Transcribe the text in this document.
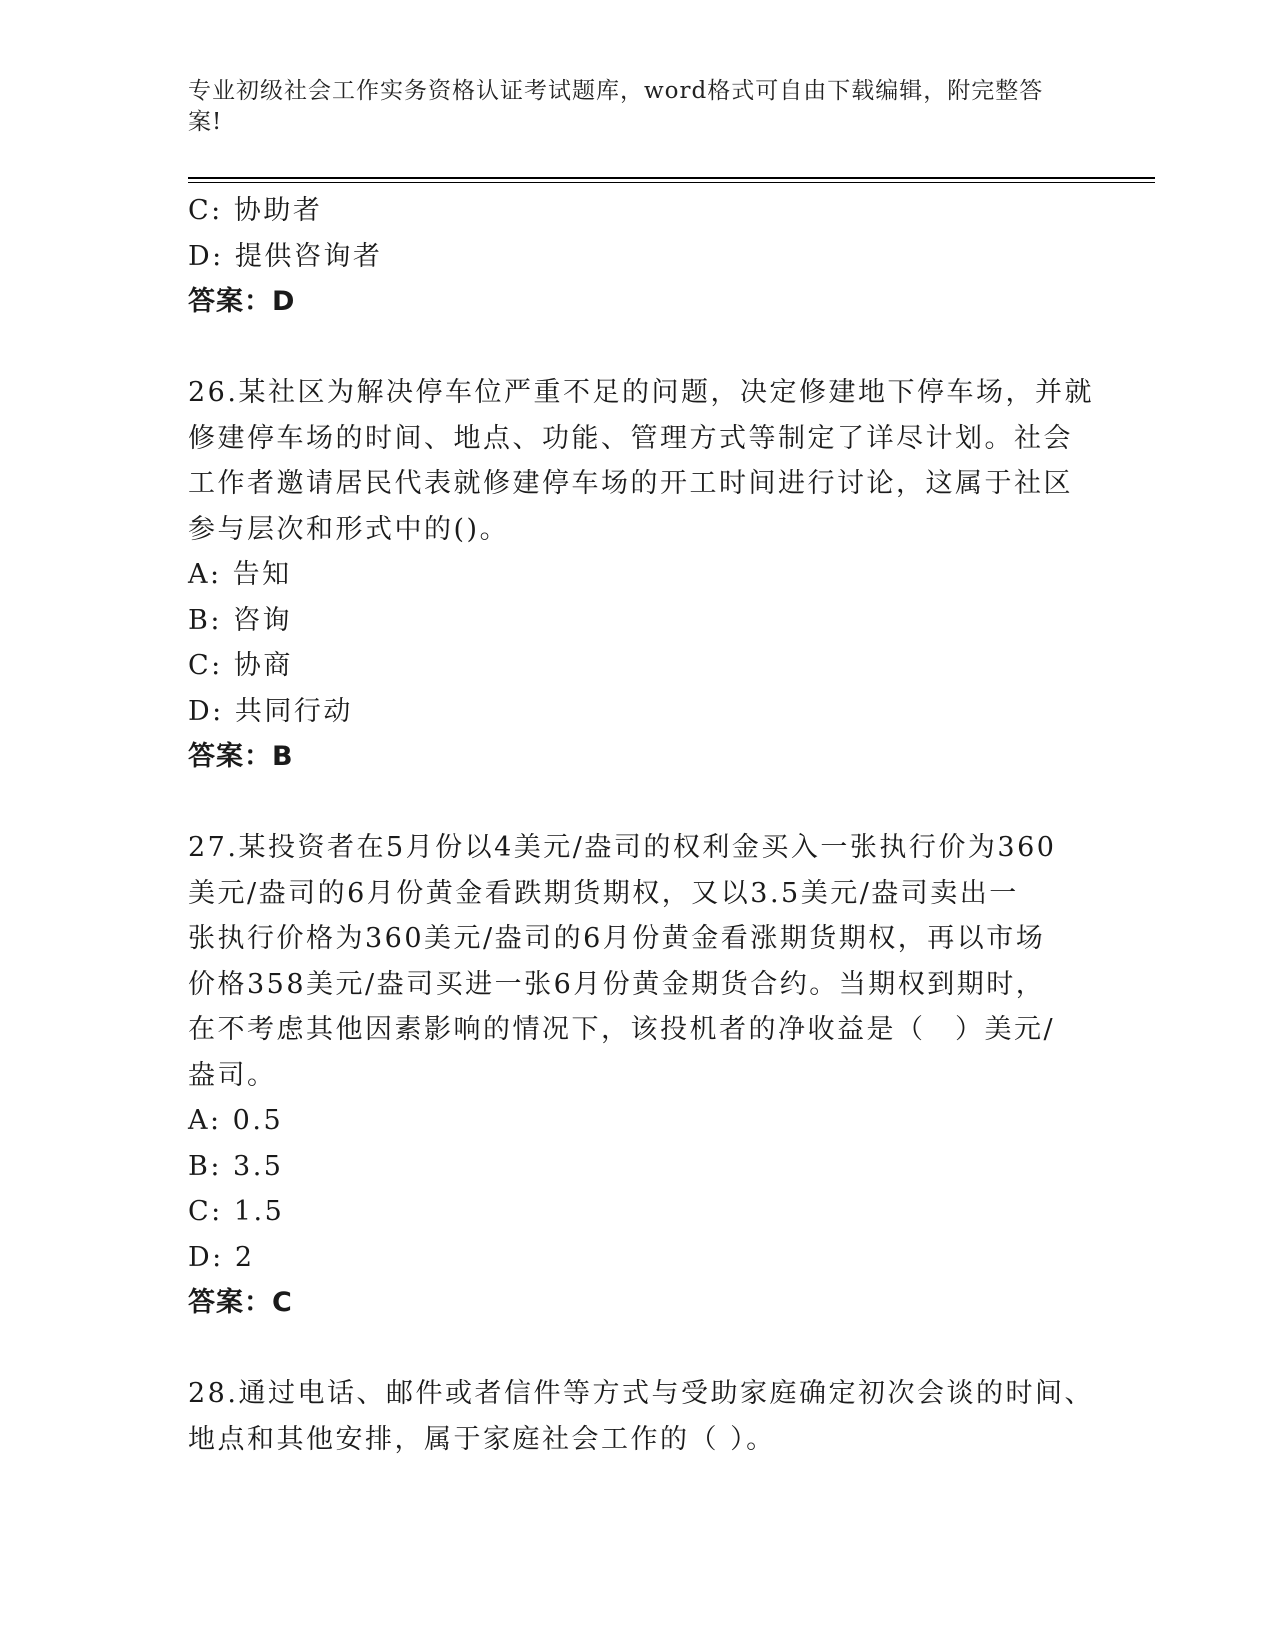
专业初级社会工作实务资格认证考试题库，word格式可自由下载编辑，附完整答
案!
C: 协助者
D: 提供咨询者
答案：D
26.某社区为解决停车位严重不足的问题，决定修建地下停车场，并就
修建停车场的时间、地点、功能、管理方式等制定了详尽计划。社会
工作者邀请居民代表就修建停车场的开工时间进行讨论，这属于社区
参与层次和形式中的()。
A: 告知
B: 咨询
C: 协商
D: 共同行动
答案：B
27.某投资者在5月份以4美元/盎司的权利金买入一张执行价为360
美元/盎司的6月份黄金看跌期货期权，又以3.5美元/盎司卖出一
张执行价格为360美元/盎司的6月份黄金看涨期货期权，再以市场
价格358美元/盎司买进一张6月份黄金期货合约。当期权到期时，
在不考虑其他因素影响的情况下，该投机者的净收益是（　）美元/
盎司。
A: 0.5
B: 3.5
C: 1.5
D: 2
答案：C
28.通过电话、邮件或者信件等方式与受助家庭确定初次会谈的时间、
地点和其他安排，属于家庭社会工作的（ ）。
